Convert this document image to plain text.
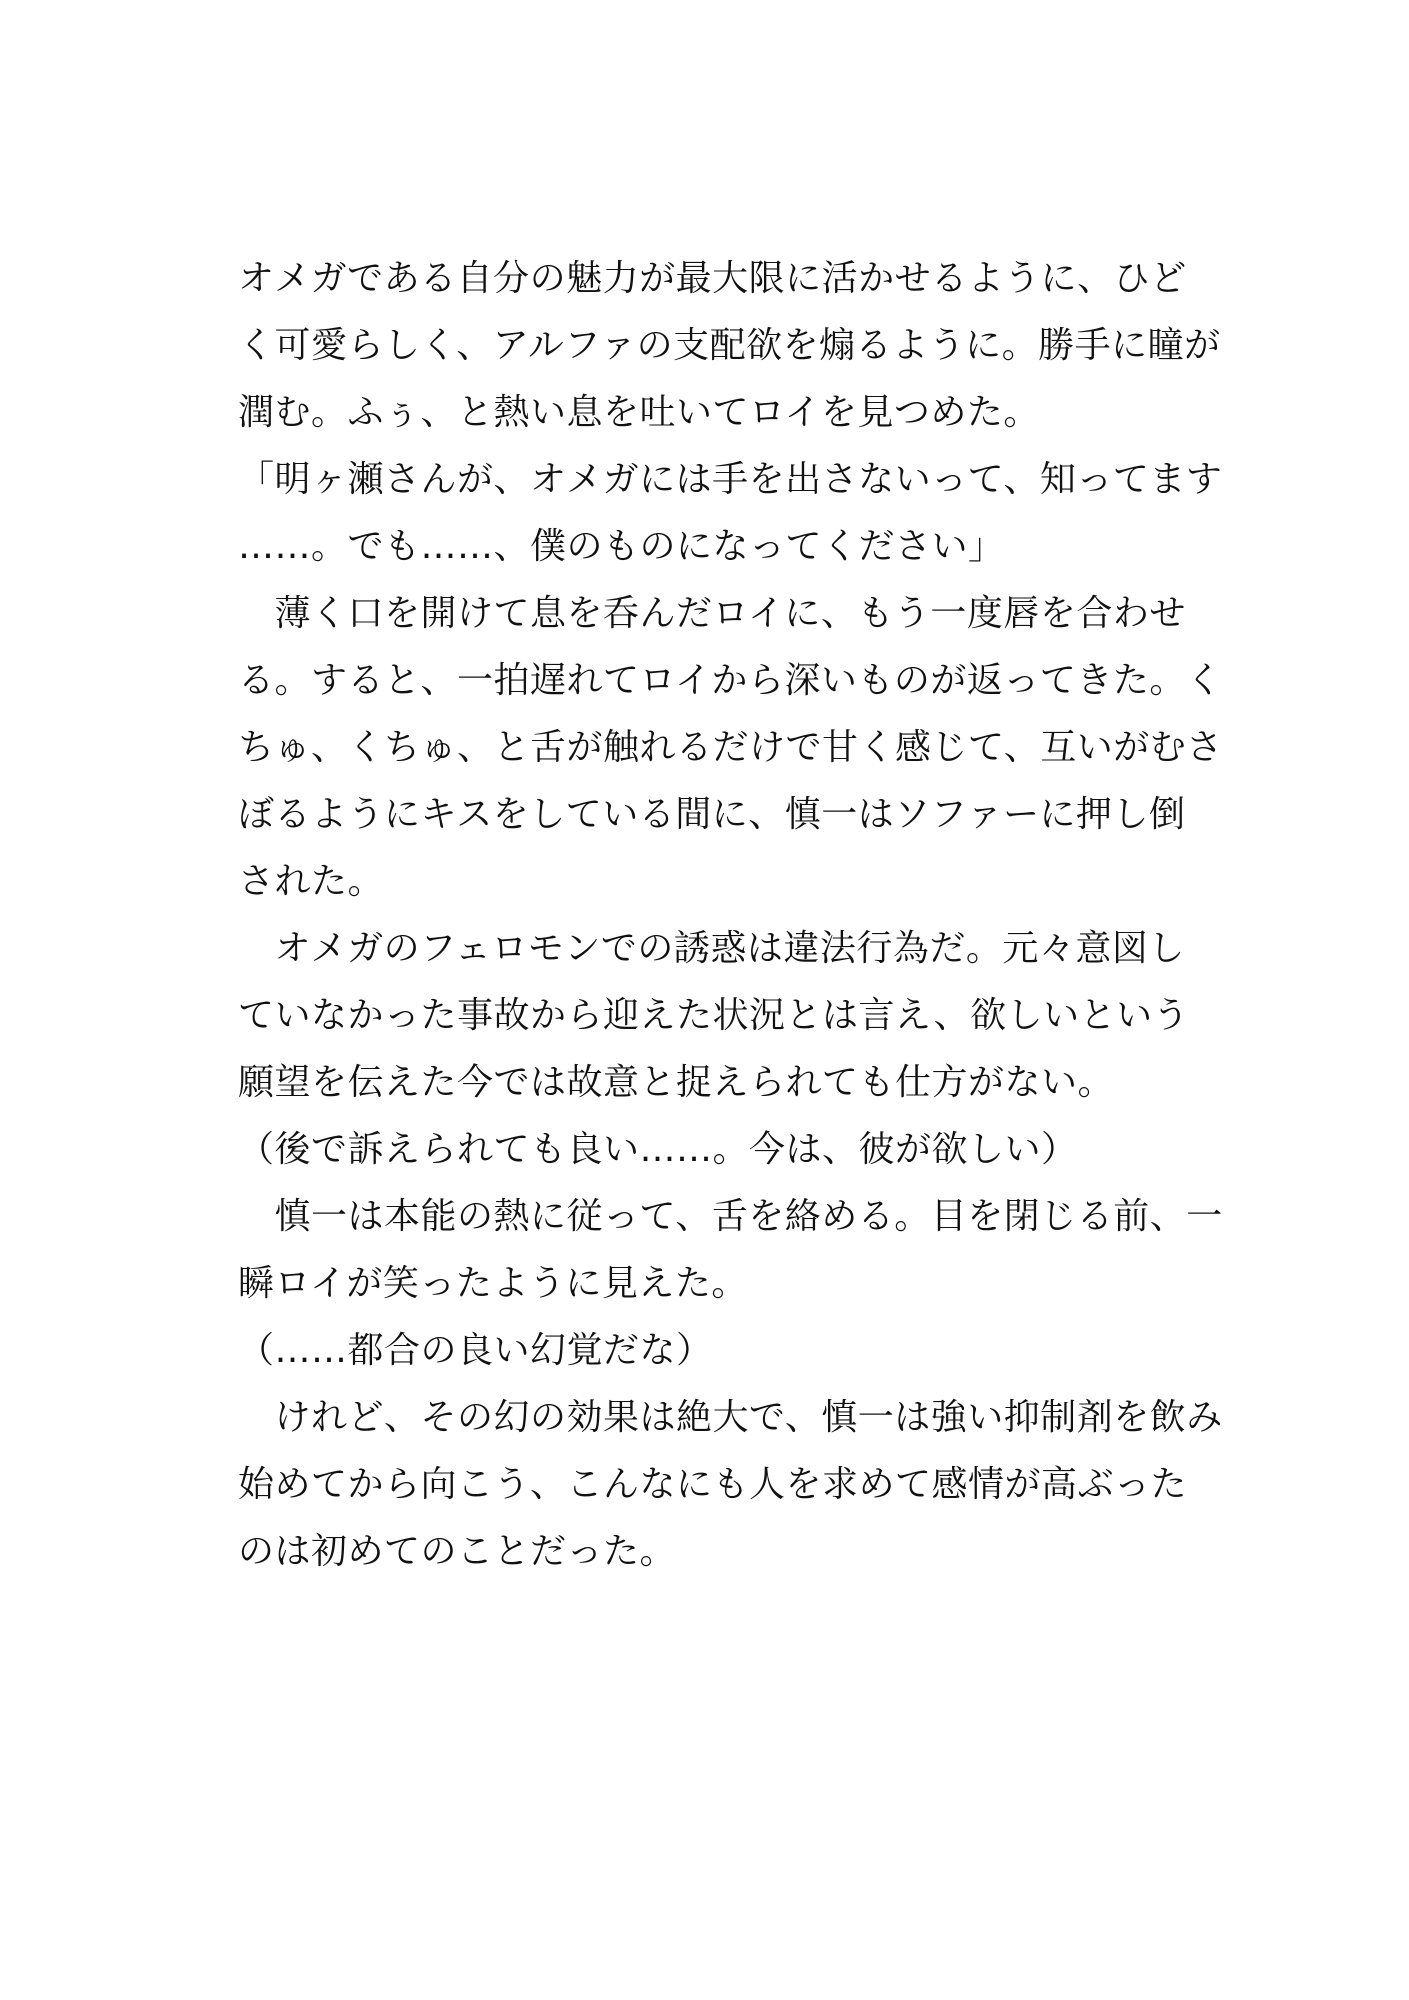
オメガである自分の魅力が最大限に活かせるように、ひど
く可愛らしく、アルファの支配欲を煽るように。勝手に瞳が
潤む。ふぅ、と熱い息を吐いてロイを見つめた。
「明ヶ瀬さんが、オメガには手を出さないって、知ってます
……。でも……、僕のものになってください」
　薄く口を開けて息を呑んだロイに、もう一度唇を合わせ
る。すると、一拍遅れてロイから深いものが返ってきた。く
ちゅ、くちゅ、と舌が触れるだけで甘く感じて、互いがむさ
ぼるようにキスをしている間に、慎一はソファーに押し倒
された。
　オメガのフェロモンでの誘惑は違法行為だ。元々意図し
ていなかった事故から迎えた状況とは言え、欲しいという
願望を伝えた今では故意と捉えられても仕方がない。
（後で訴えられても良い……。今は、彼が欲しい）
　慎一は本能の熱に従って、舌を絡める。目を閉じる前、一
瞬ロイが笑ったように見えた。
（……都合の良い幻覚だな）
　けれど、その幻の効果は絶大で、慎一は強い抑制剤を飲み
始めてから向こう、こんなにも人を求めて感情が高ぶった
のは初めてのことだった。
